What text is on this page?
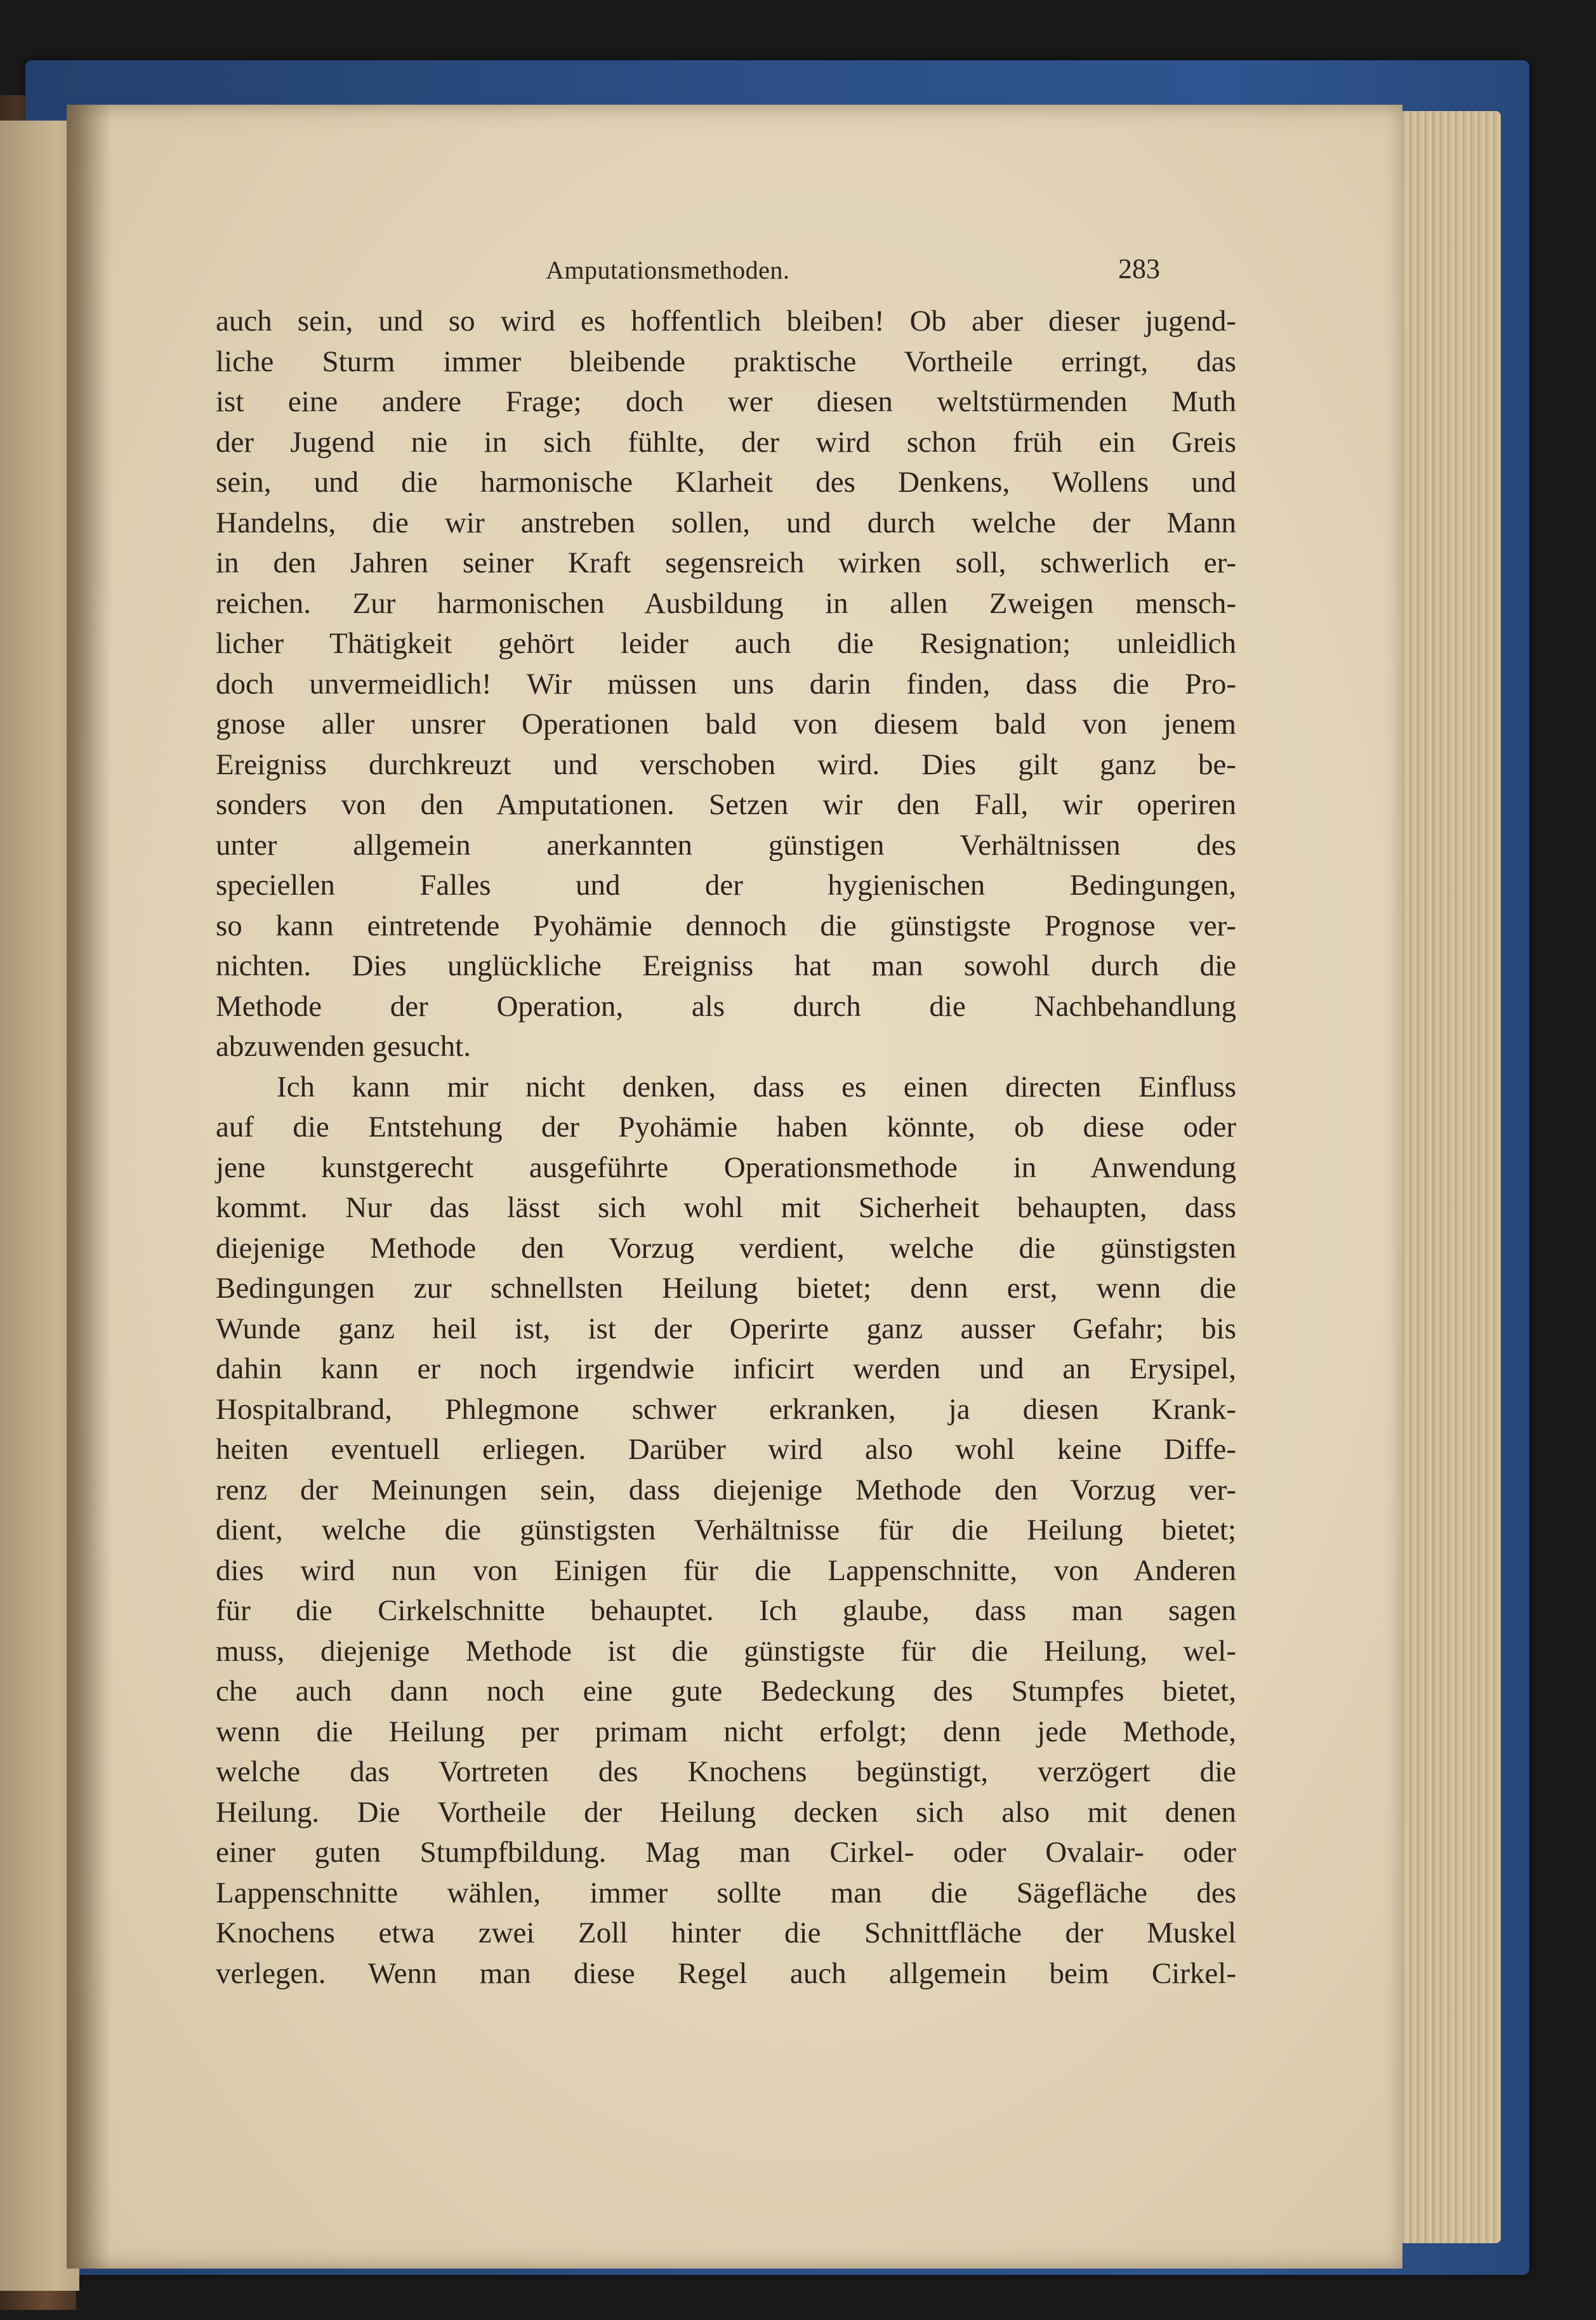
Amputationsmethoden.	283
auch sein, und so wird es hoffentlich bleiben! Ob aber dieser jugend-
liche Sturm immer bleibende praktische Vortheile erringt, das
ist eine andere Frage; doch wer diesen weltstürmenden Muth
der Jugend nie in sich fühlte, der wird schon früh ein Greis
sein, und die harmonische Klarheit des Denkens, Wollens und
Handelns, die wir anstreben sollen, und durch welche der Mann
in den Jahren seiner Kraft segensreich wirken soll, schwerlich er-
reichen. Zur harmonischen Ausbildung in allen Zweigen mensch-
licher Thätigkeit gehört leider auch die Resignation; unleidlich
doch unvermeidlich! Wir müssen uns darin finden, dass die Pro-
gnose aller unsrer Operationen bald von diesem bald von jenem
Ereigniss durchkreuzt und verschoben wird. Dies gilt ganz be-
sonders von den Amputationen. Setzen wir den Fall, wir operiren
unter allgemein anerkannten günstigen Verhältnissen des
speciellen Falles und der hygienischen Bedingungen,
so kann eintretende Pyohämie dennoch die günstigste Prognose ver-
nichten. Dies unglückliche Ereigniss hat man sowohl durch die
Methode der Operation, als durch die Nachbehandlung
abzuwenden gesucht.
Ich kann mir nicht denken, dass es einen directen Einfluss
auf die Entstehung der Pyohämie haben könnte, ob diese oder
jene kunstgerecht ausgeführte Operationsmethode in Anwendung
kommt. Nur das lässt sich wohl mit Sicherheit behaupten, dass
diejenige Methode den Vorzug verdient, welche die günstigsten
Bedingungen zur schnellsten Heilung bietet; denn erst, wenn die
Wunde ganz heil ist, ist der Operirte ganz ausser Gefahr; bis
dahin kann er noch irgendwie inficirt werden und an Erysipel,
Hospitalbrand, Phlegmone schwer erkranken, ja diesen Krank-
heiten eventuell erliegen. Darüber wird also wohl keine Diffe-
renz der Meinungen sein, dass diejenige Methode den Vorzug ver-
dient, welche die günstigsten Verhältnisse für die Heilung bietet;
dies wird nun von Einigen für die Lappenschnitte, von Anderen
für die Cirkelschnitte behauptet. Ich glaube, dass man sagen
muss, diejenige Methode ist die günstigste für die Heilung, wel-
che auch dann noch eine gute Bedeckung des Stumpfes bietet,
wenn die Heilung per primam nicht erfolgt; denn jede Methode,
welche das Vortreten des Knochens begünstigt, verzögert die
Heilung. Die Vortheile der Heilung decken sich also mit denen
einer guten Stumpfbildung. Mag man Cirkel- oder Ovalair- oder
Lappenschnitte wählen, immer sollte man die Sägefläche des
Knochens etwa zwei Zoll hinter die Schnittfläche der Muskel
verlegen. Wenn man diese Regel auch allgemein beim Cirkel-
